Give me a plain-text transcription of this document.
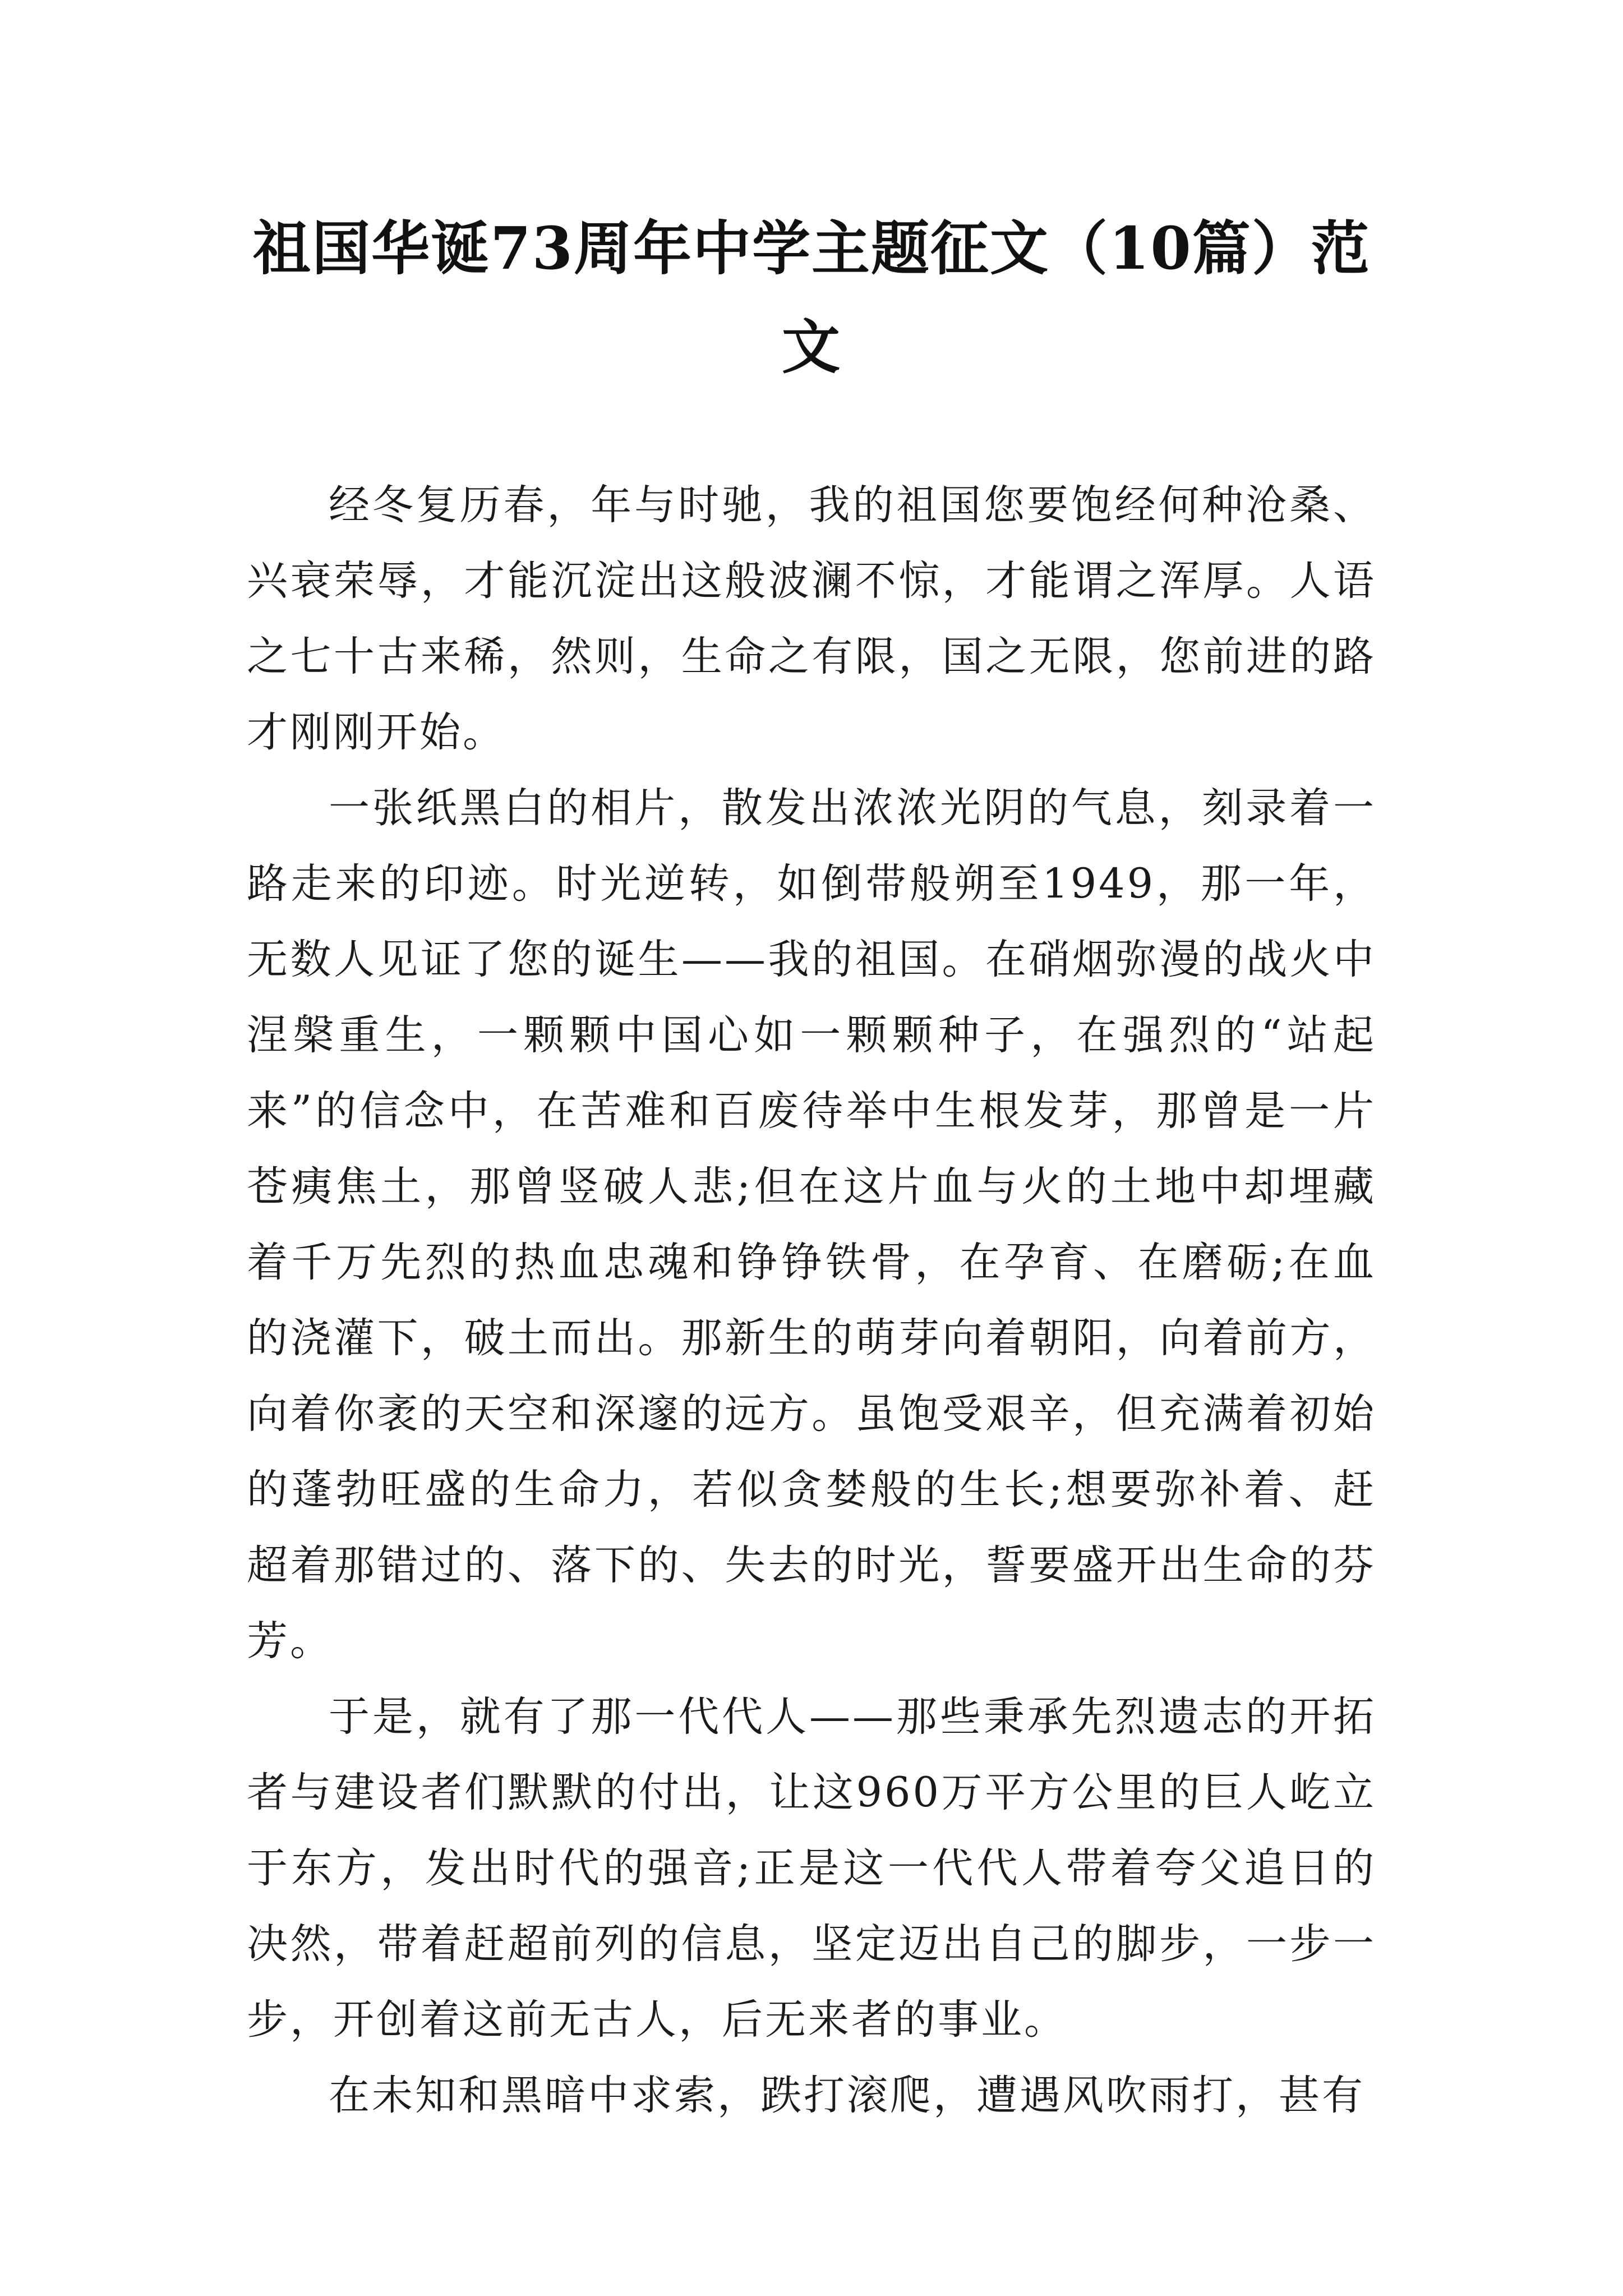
祖国华诞73周年中学主题征文（10篇）范文

经冬复历春，年与时驰，我的祖国您要饱经何种沧桑、兴衰荣辱，才能沉淀出这般波澜不惊，才能谓之浑厚。人语之七十古来稀，然则，生命之有限，国之无限，您前进的路才刚刚开始。

一张纸黑白的相片，散发出浓浓光阴的气息，刻录着一路走来的印迹。时光逆转，如倒带般朔至1949，那一年，无数人见证了您的诞生——我的祖国。在硝烟弥漫的战火中涅槃重生，一颗颗中国心如一颗颗种子，在强烈的“站起来”的信念中，在苦难和百废待举中生根发芽，那曾是一片苍痍焦土，那曾竖破人悲;但在这片血与火的土地中却埋藏着千万先烈的热血忠魂和铮铮铁骨，在孕育、在磨砺;在血的浇灌下，破土而出。那新生的萌芽向着朝阳，向着前方，向着你袤的天空和深邃的远方。虽饱受艰辛，但充满着初始的蓬勃旺盛的生命力，若似贪婪般的生长;想要弥补着、赶超着那错过的、落下的、失去的时光，誓要盛开出生命的芬芳。

于是，就有了那一代代人——那些秉承先烈遗志的开拓者与建设者们默默的付出，让这960万平方公里的巨人屹立于东方，发出时代的强音;正是这一代代人带着夸父追日的决然，带着赶超前列的信息，坚定迈出自己的脚步，一步一步，开创着这前无古人，后无来者的事业。

在未知和黑暗中求索，跌打滚爬，遭遇风吹雨打，甚有
